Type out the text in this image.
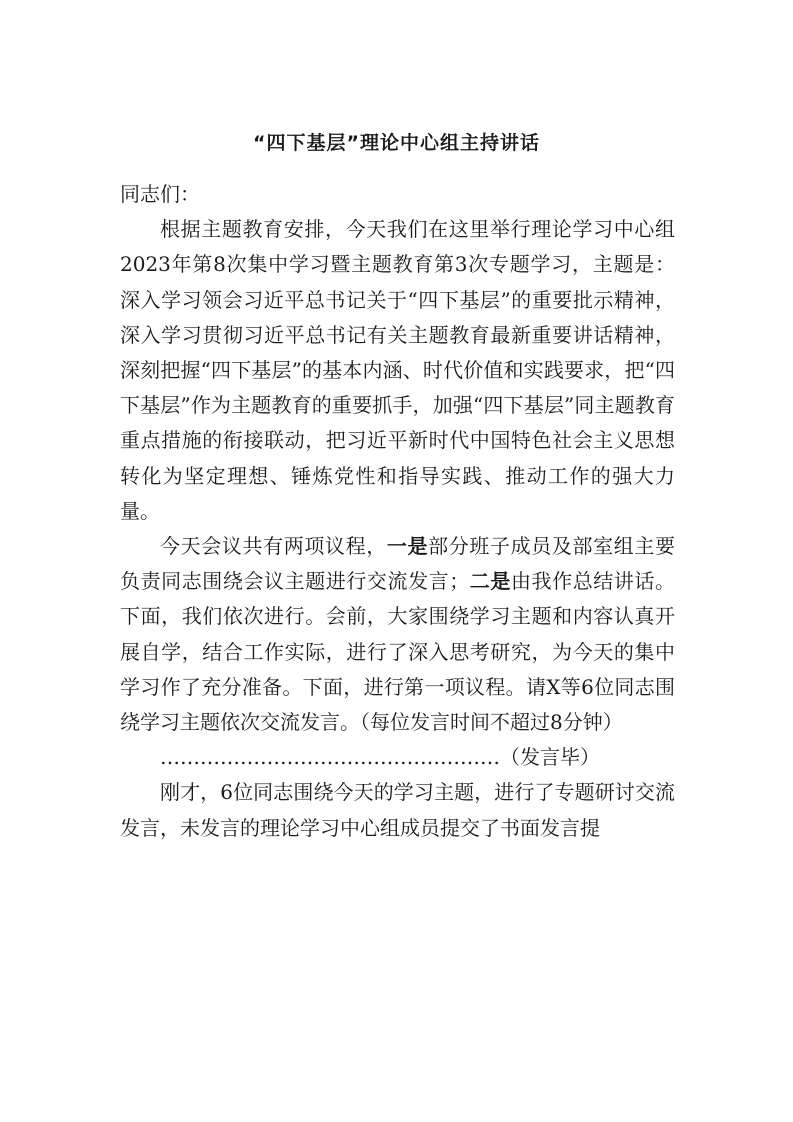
“四下基层”理论中心组主持讲话

同志们：

根据主题教育安排，今天我们在这里举行理论学习中心组2023年第8次集中学习暨主题教育第3次专题学习，主题是：深入学习领会习近平总书记关于“四下基层”的重要批示精神，深入学习贯彻习近平总书记有关主题教育最新重要讲话精神，深刻把握“四下基层”的基本内涵、时代价值和实践要求，把“四下基层”作为主题教育的重要抓手，加强“四下基层”同主题教育重点措施的衔接联动，把习近平新时代中国特色社会主义思想转化为坚定理想、锤炼党性和指导实践、推动工作的强大力量。

今天会议共有两项议程，一是部分班子成员及部室组主要负责同志围绕会议主题进行交流发言；二是由我作总结讲话。下面，我们依次进行。会前，大家围绕学习主题和内容认真开展自学，结合工作实际，进行了深入思考研究，为今天的集中学习作了充分准备。下面，进行第一项议程。请X等6位同志围绕学习主题依次交流发言。（每位发言时间不超过8分钟）

……………………………………………（发言毕）

刚才，6位同志围绕今天的学习主题，进行了专题研讨交流发言，未发言的理论学习中心组成员提交了书面发言提
